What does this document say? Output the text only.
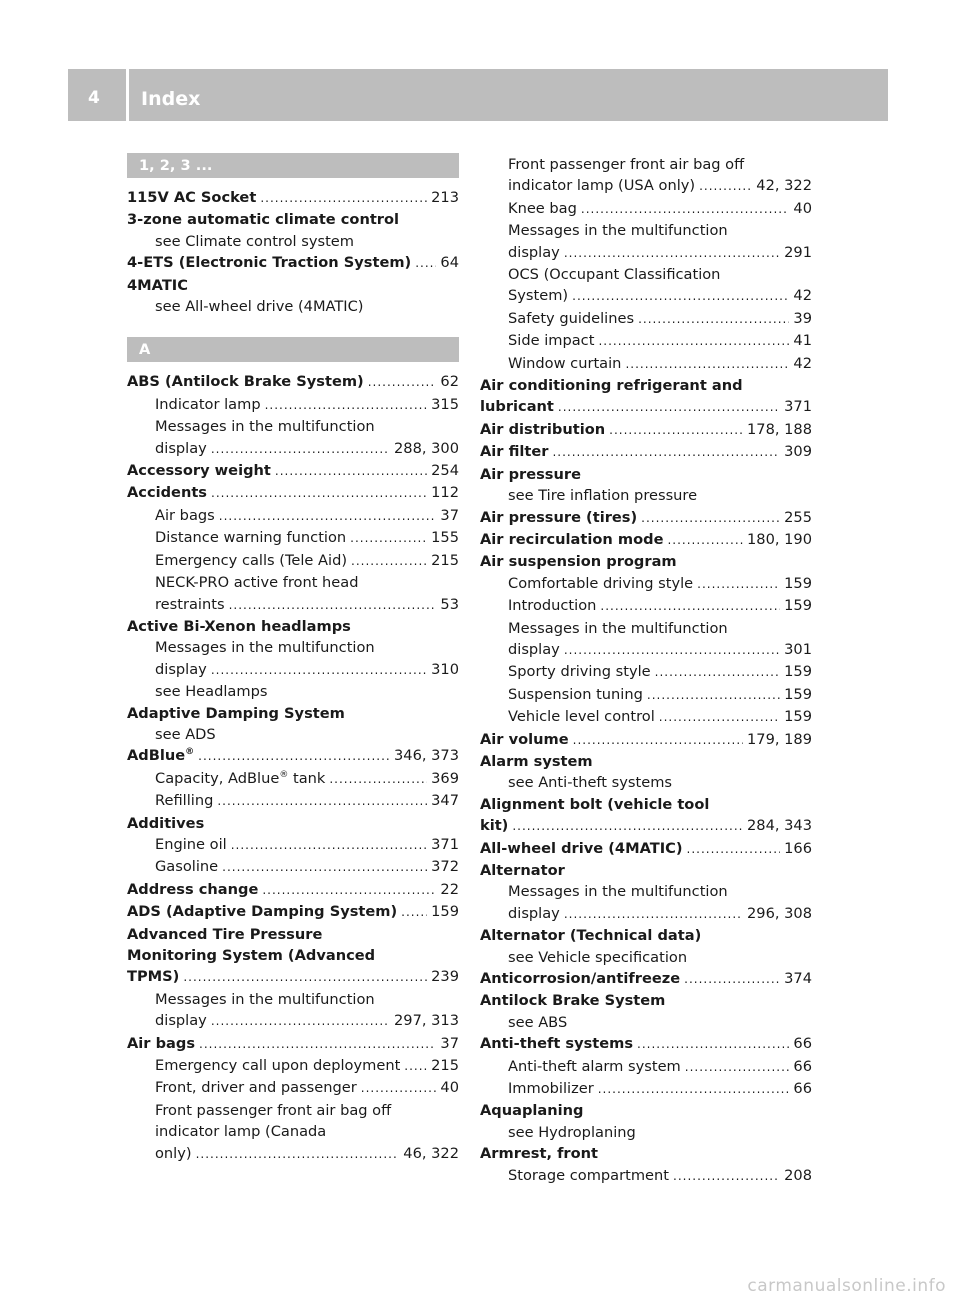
4	Index
1, 2, 3 ...
115V AC Socket .....	213
3-zone automatic climate control
see Climate control system
4-ETS (Electronic Traction System) ..... 64
4MATIC
see All-wheel drive (4MATIC)
A
ABS (Antilock Brake System) .....	62
Indicator lamp .....	315
Messages in the multifunction
display .....	288, 300
Accessory weight .....	254
Accidents .....	112
Air bags .....	37
Distance warning function .....	155
Emergency calls (Tele Aid) .....	215
NECK-PRO active front head
restraints .....	53
Active Bi-Xenon headlamps
Messages in the multifunction
display .....	310
see Headlamps
Adaptive Damping System
see ADS
AdBlue® .....	346, 373
Capacity, AdBlue® tank .....	369
Refilling .....	347
Additives
Engine oil .....	371
Gasoline .....	372
Address change .....	22
ADS (Adaptive Damping System) ..... 159
Advanced Tire Pressure
Monitoring System (Advanced
TPMS) .....	239
Messages in the multifunction
display .....	297, 313
Air bags .....	37
Emergency call upon deployment ..... 215
Front, driver and passenger .....	40
Front passenger front air bag off
indicator lamp (Canada
only) .....	46, 322
Front passenger front air bag off
indicator lamp (USA only) .....	42, 322
Knee bag .....	40
Messages in the multifunction
display .....	291
OCS (Occupant Classification
System) .....	42
Safety guidelines .....	39
Side impact .....	41
Window curtain .....	42
Air conditioning refrigerant and
lubricant .....	371
Air distribution .....	178, 188
Air filter .....	309
Air pressure
see Tire inflation pressure
Air pressure (tires) .....	255
Air recirculation mode .....	180, 190
Air suspension program
Comfortable driving style .....	159
Introduction .....	159
Messages in the multifunction
display .....	301
Sporty driving style .....	159
Suspension tuning .....	159
Vehicle level control .....	159
Air volume .....	179, 189
Alarm system
see Anti-theft systems
Alignment bolt (vehicle tool
kit) .....	284, 343
All-wheel drive (4MATIC) .....	166
Alternator
Messages in the multifunction
display .....	296, 308
Alternator (Technical data)
see Vehicle specification
Anticorrosion/antifreeze .....	374
Antilock Brake System
see ABS
Anti-theft systems .....	66
Anti-theft alarm system .....	66
Immobilizer .....	66
Aquaplaning
see Hydroplaning
Armrest, front
Storage compartment .....	208
carmanualsonline.info
